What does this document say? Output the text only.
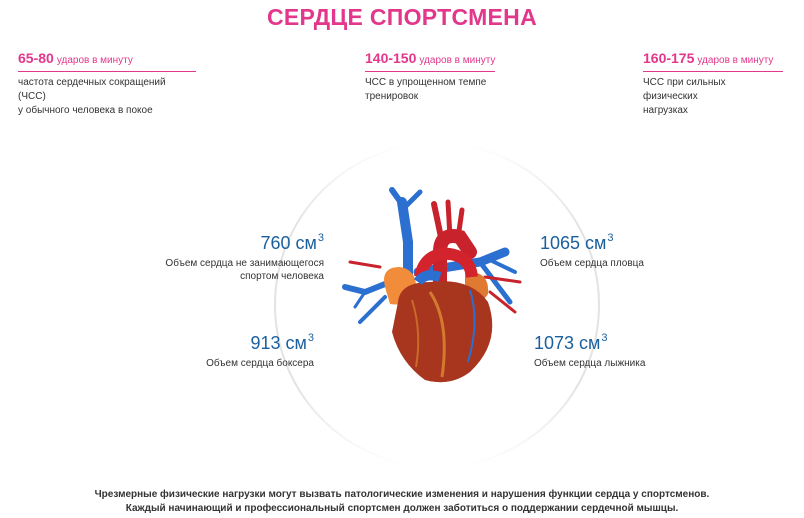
СЕРДЦЕ СПОРТСМЕНА
65-80 ударов в минуту
частота сердечных сокращений (ЧСС)
у обычного человека в покое
140-150 ударов в минуту
ЧСС в упрощенном темпе
тренировок
160-175 ударов в минуту
ЧСС при сильных физических
нагрузках
760 $см^3$
Объем сердца не занимающегося
спортом человека
913 $см^3$
Объем сердца боксера
1065 $см^3$
Объем сердца пловца
1073 $см^3$
Объем сердца лыжника
Чрезмерные физические нагрузки могут вызвать патологические изменения и нарушения функции сердца у спортсменов.
Каждый начинающий и профессиональный спортсмен должен заботиться о поддержании сердечной мышцы.
